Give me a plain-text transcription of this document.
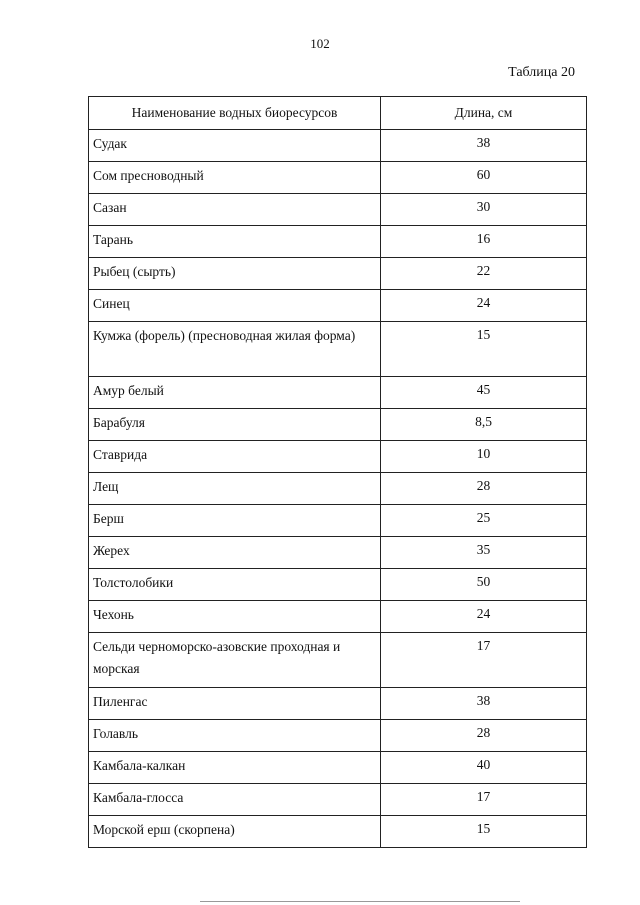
102
Таблица 20
Наименование водных биоресурсов	Длина, см
Судак	38
Сом пресноводный	60
Сазан	30
Тарань	16
Рыбец (сырть)	22
Синец	24
Кумжа (форель) (пресноводная жилая форма)	15
Амур белый	45
Барабуля	8,5
Ставрида	10
Лещ	28
Берш	25
Жерех	35
Толстолобики	50
Чехонь	24
Сельди черноморско-азовские проходная и морская	17
Пиленгас	38
Голавль	28
Камбала-калкан	40
Камбала-глосса	17
Морской ерш (скорпена)	15
